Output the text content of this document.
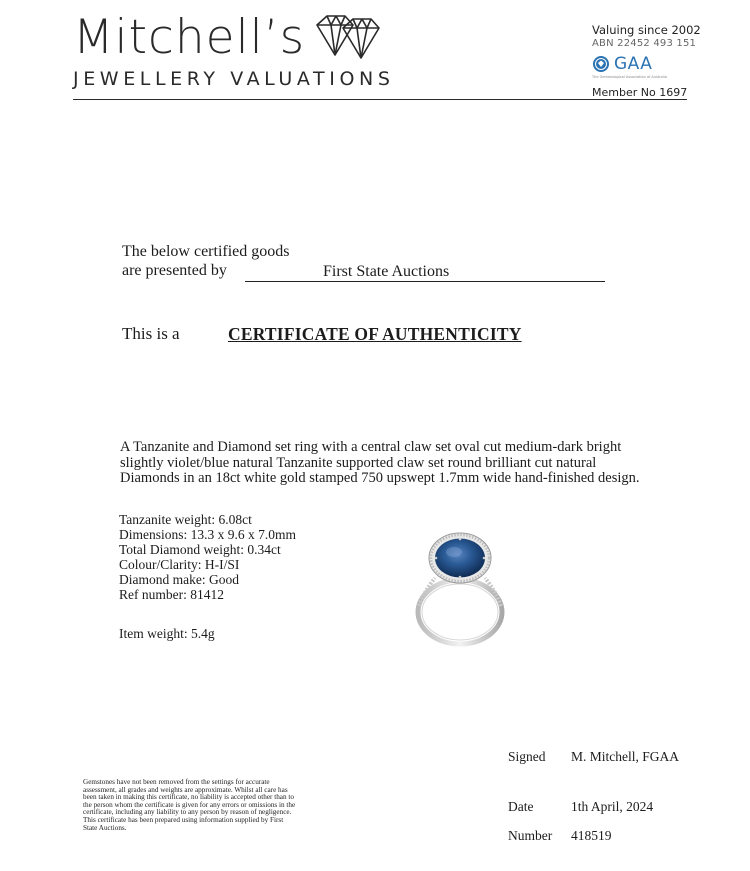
Mitchell’s
JEWELLERY VALUATIONS
Valuing since 2002
ABN 22452 493 151
GAA
The Gemmological Association of Australia
Member No 1697
The below certified goods
are presented by	First State Auctions
This is a	CERTIFICATE OF AUTHENTICITY
A Tanzanite and Diamond set ring with a central claw set oval cut medium-dark bright
slightly violet/blue natural Tanzanite supported claw set round brilliant cut natural
Diamonds in an 18ct white gold stamped 750 upswept 1.7mm wide hand-finished design.
Tanzanite weight: 6.08ct
Dimensions: 13.3 x 9.6 x 7.0mm
Total Diamond weight: 0.34ct
Colour/Clarity: H-I/SI
Diamond make: Good
Ref number: 81412
Item weight: 5.4g
Gemstones have not been removed from the settings for accurate assessment, all grades and weights are approximate. Whilst all care has been taken in making this certificate, no liability is accepted other than to the person whom the certificate is given for any errors or omissions in the certificate, including any liability to any person by reason of negligence. This certificate has been prepared using information supplied by First State Auctions.
Signed M. Mitchell, FGAA
Date	1th April, 2024
Number 418519
